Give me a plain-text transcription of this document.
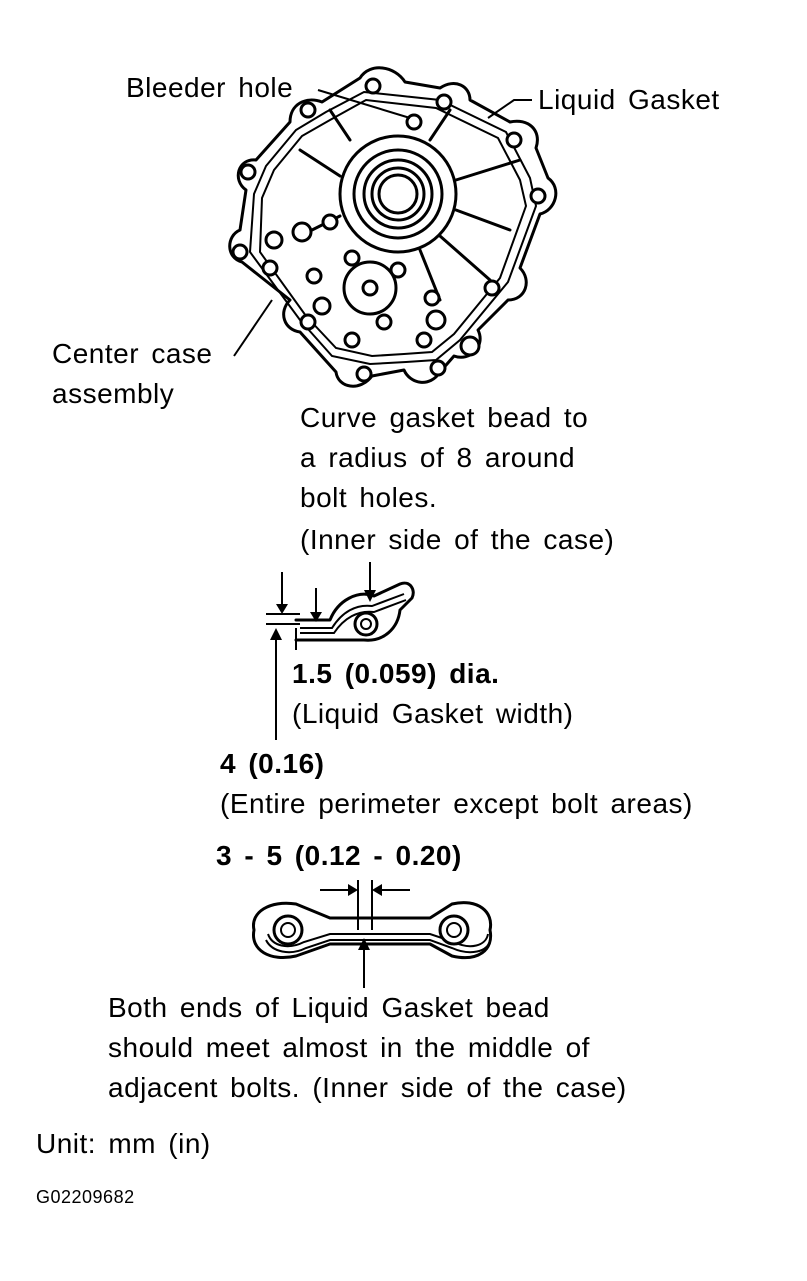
Bleeder hole	Liquid Gasket
Center case
assembly
Curve gasket bead to
a radius of 8 around
bolt holes.
(Inner side of the case)
1.5 (0.059) dia.
(Liquid Gasket width)
4 (0.16)
(Entire perimeter except bolt areas)
3 - 5 (0.12 - 0.20)
Both ends of Liquid Gasket bead
should meet almost in the middle of
adjacent bolts. (Inner side of the case)
Unit: mm (in)
G02209682
